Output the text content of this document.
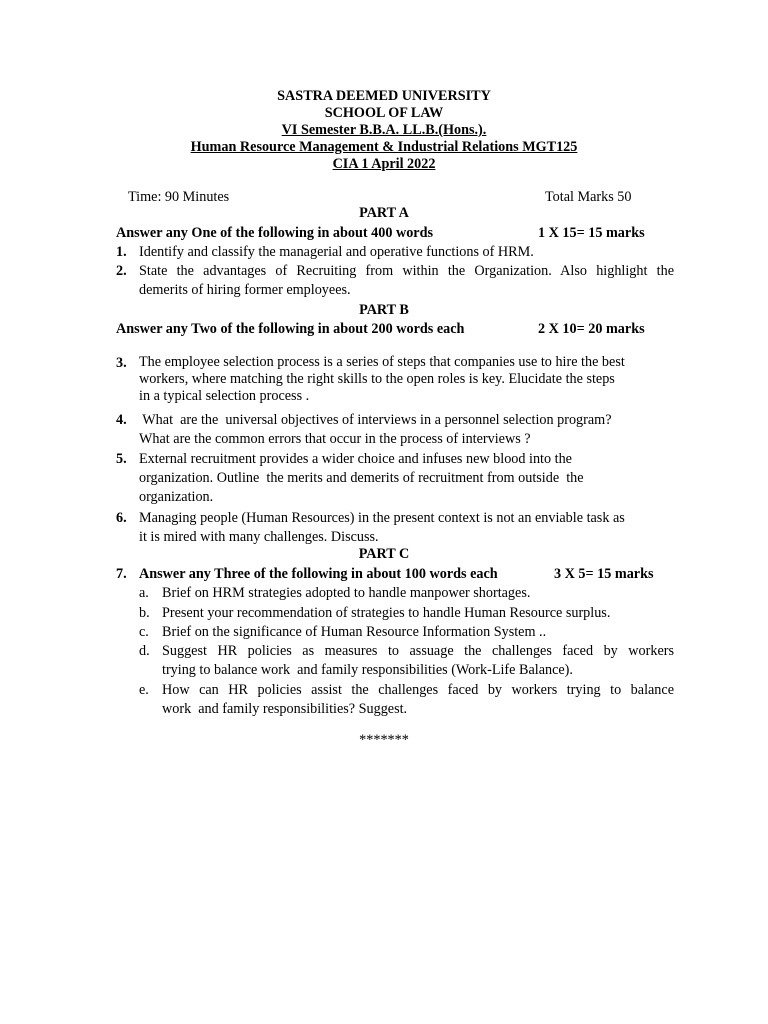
SASTRA DEEMED UNIVERSITY
SCHOOL OF LAW
VI Semester B.B.A. LL.B.(Hons.).
Human Resource Management & Industrial Relations MGT125
CIA 1 April 2022
Time: 90 Minutes	Total Marks 50
PART A
Answer any One of the following in about 400 words	1 X 15= 15 marks
1. Identify and classify the managerial and operative functions of HRM.
2. State the advantages of Recruiting from within the Organization. Also highlight the
demerits of hiring former employees.
PART B
Answer any Two of the following in about 200 words each	2 X 10= 20 marks
3. The employee selection process is a series of steps that companies use to hire the best
workers, where matching the right skills to the open roles is key. Elucidate the steps
in a typical selection process .
4. What  are the  universal objectives of interviews in a personnel selection program?
What are the common errors that occur in the process of interviews ?
5. External recruitment provides a wider choice and infuses new blood into the
organization. Outline  the merits and demerits of recruitment from outside  the
organization.
6. Managing people (Human Resources) in the present context is not an enviable task as
it is mired with many challenges. Discuss.
PART C
7. Answer any Three of the following in about 100 words each	3 X 5= 15 marks
a. Brief on HRM strategies adopted to handle manpower shortages.
b. Present your recommendation of strategies to handle Human Resource surplus.
c. Brief on the significance of Human Resource Information System ..
d. Suggest HR policies as measures to assuage the challenges faced by workers
trying to balance work  and family responsibilities (Work-Life Balance).
e. How can HR policies assist the challenges faced by workers trying to balance
work  and family responsibilities? Suggest.
*******
